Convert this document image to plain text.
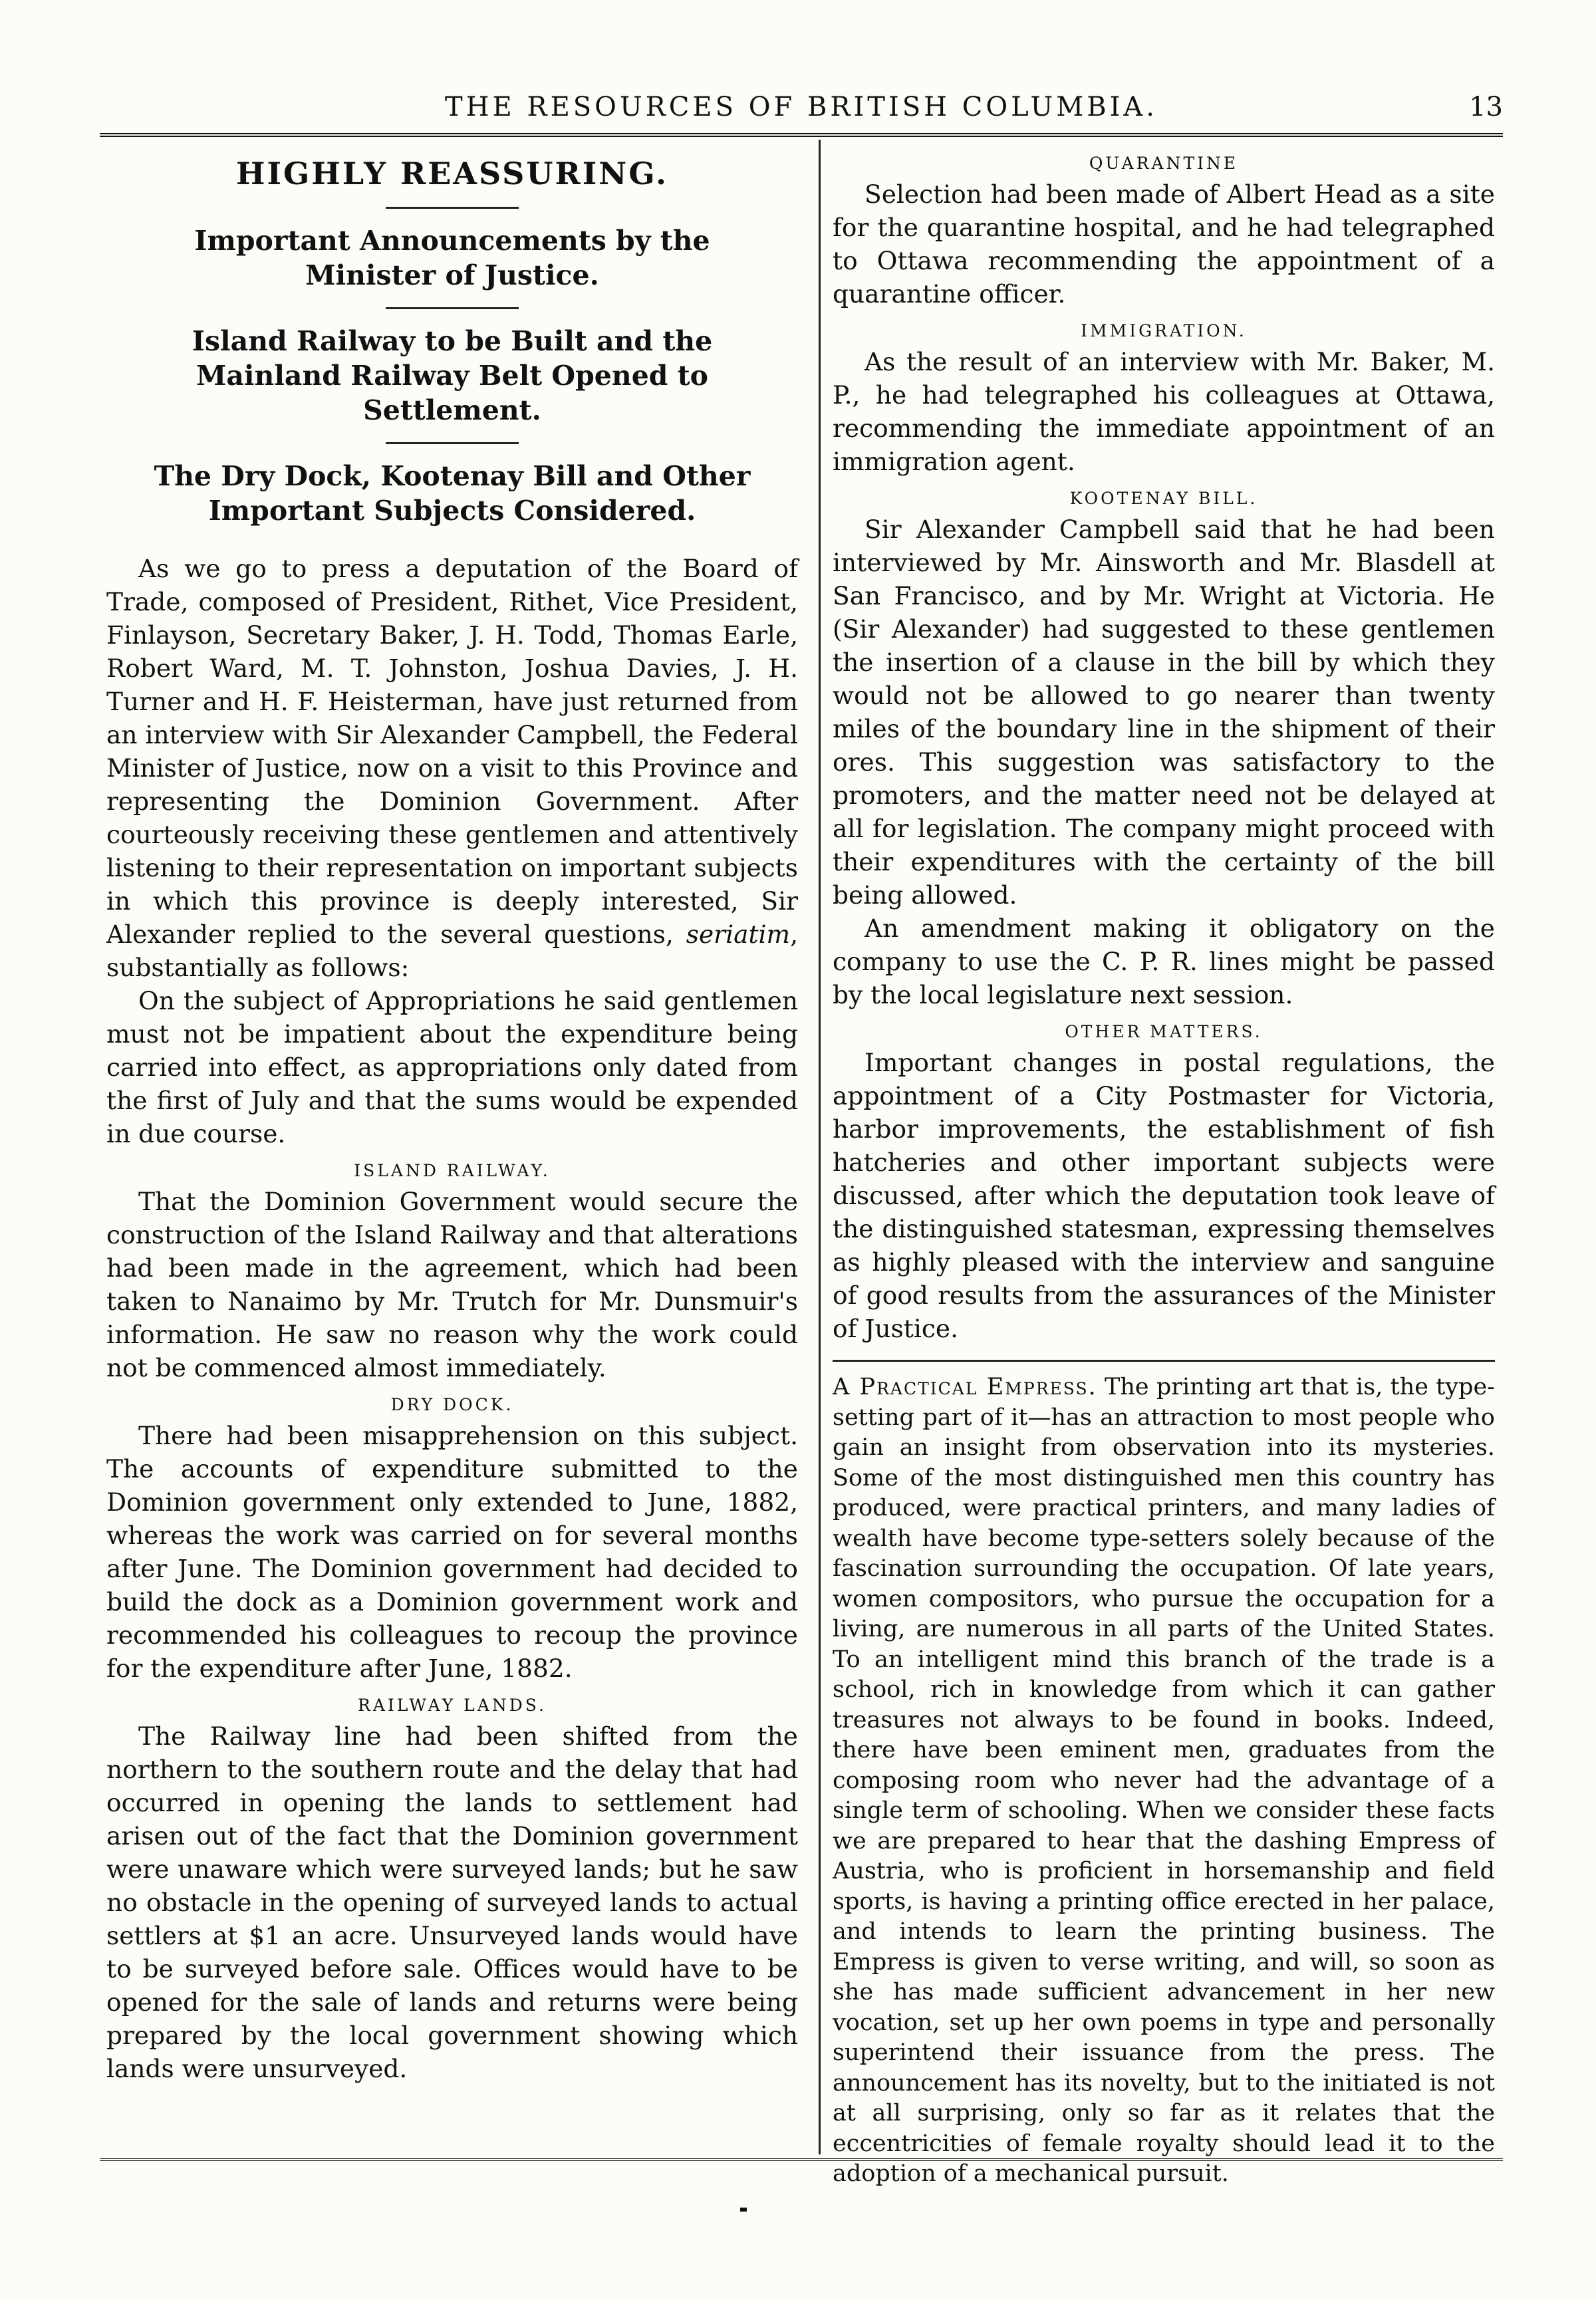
THE RESOURCES OF BRITISH COLUMBIA.	13
HIGHLY REASSURING.
Important Announcements by the Minister of Justice.
Island Railway to be Built and the Mainland Railway Belt Opened to Settlement.
The Dry Dock, Kootenay Bill and Other Important Subjects Considered.

As we go to press a deputation of the Board of Trade, composed of President, Rithet, Vice President, Finlayson, Secretary Baker, J. H. Todd, Thomas Earle, Robert Ward, M. T. Johnston, Joshua Davies, J. H. Turner and H. F. Heisterman, have just returned from an interview with Sir Alexander Campbell, the Federal Minister of Justice, now on a visit to this Province and representing the Dominion Government. After courteously receiving these gentlemen and attentively listening to their representation on important subjects in which this province is deeply interested, Sir Alexander replied to the several questions, seriatim, substantially as follows:

On the subject of Appropriations he said gentlemen must not be impatient about the expenditure being carried into effect, as appropriations only dated from the first of July and that the sums would be expended in due course.

ISLAND RAILWAY.

That the Dominion Government would secure the construction of the Island Railway and that alterations had been made in the agreement, which had been taken to Nanaimo by Mr. Trutch for Mr. Dunsmuir's information. He saw no reason why the work could not be commenced almost immediately.

DRY DOCK.

There had been misapprehension on this subject. The accounts of expenditure submitted to the Dominion government only extended to June, 1882, whereas the work was carried on for several months after June. The Dominion government had decided to build the dock as a Dominion government work and recommended his colleagues to recoup the province for the expenditure after June, 1882.

RAILWAY LANDS.

The Railway line had been shifted from the northern to the southern route and the delay that had occurred in opening the lands to settlement had arisen out of the fact that the Dominion government were unaware which were surveyed lands; but he saw no obstacle in the opening of surveyed lands to actual settlers at $1 an acre. Unsurveyed lands would have to be surveyed before sale. Offices would have to be opened for the sale of lands and returns were being prepared by the local government showing which lands were unsurveyed.

QUARANTINE

Selection had been made of Albert Head as a site for the quarantine hospital, and he had telegraphed to Ottawa recommending the appointment of a quarantine officer.

IMMIGRATION.

As the result of an interview with Mr. Baker, M. P., he had telegraphed his colleagues at Ottawa, recommending the immediate appointment of an immigration agent.

KOOTENAY BILL.

Sir Alexander Campbell said that he had been interviewed by Mr. Ainsworth and Mr. Blasdell at San Francisco, and by Mr. Wright at Victoria. He (Sir Alexander) had suggested to these gentlemen the insertion of a clause in the bill by which they would not be allowed to go nearer than twenty miles of the boundary line in the shipment of their ores. This suggestion was satisfactory to the promoters, and the matter need not be delayed at all for legislation. The company might proceed with their expenditures with the certainty of the bill being allowed.

An amendment making it obligatory on the company to use the C. P. R. lines might be passed by the local legislature next session.

OTHER MATTERS.

Important changes in postal regulations, the appointment of a City Postmaster for Victoria, harbor improvements, the establishment of fish hatcheries and other important subjects were discussed, after which the deputation took leave of the distinguished statesman, expressing themselves as highly pleased with the interview and sanguine of good results from the assurances of the Minister of Justice.

A Practical Empress. The printing art that is, the type-setting part of it—has an attraction to most people who gain an insight from observation into its mysteries. Some of the most distinguished men this country has produced, were practical printers, and many ladies of wealth have become type-setters solely because of the fascination surrounding the occupation. Of late years, women compositors, who pursue the occupation for a living, are numerous in all parts of the United States. To an intelligent mind this branch of the trade is a school, rich in knowledge from which it can gather treasures not always to be found in books. Indeed, there have been eminent men, graduates from the composing room who never had the advantage of a single term of schooling. When we consider these facts we are prepared to hear that the dashing Empress of Austria, who is proficient in horsemanship and field sports, is having a printing office erected in her palace, and intends to learn the printing business. The Empress is given to verse writing, and will, so soon as she has made sufficient advancement in her new vocation, set up her own poems in type and personally superintend their issuance from the press. The announcement has its novelty, but to the initiated is not at all surprising, only so far as it relates that the eccentricities of female royalty should lead it to the adoption of a mechanical pursuit.
